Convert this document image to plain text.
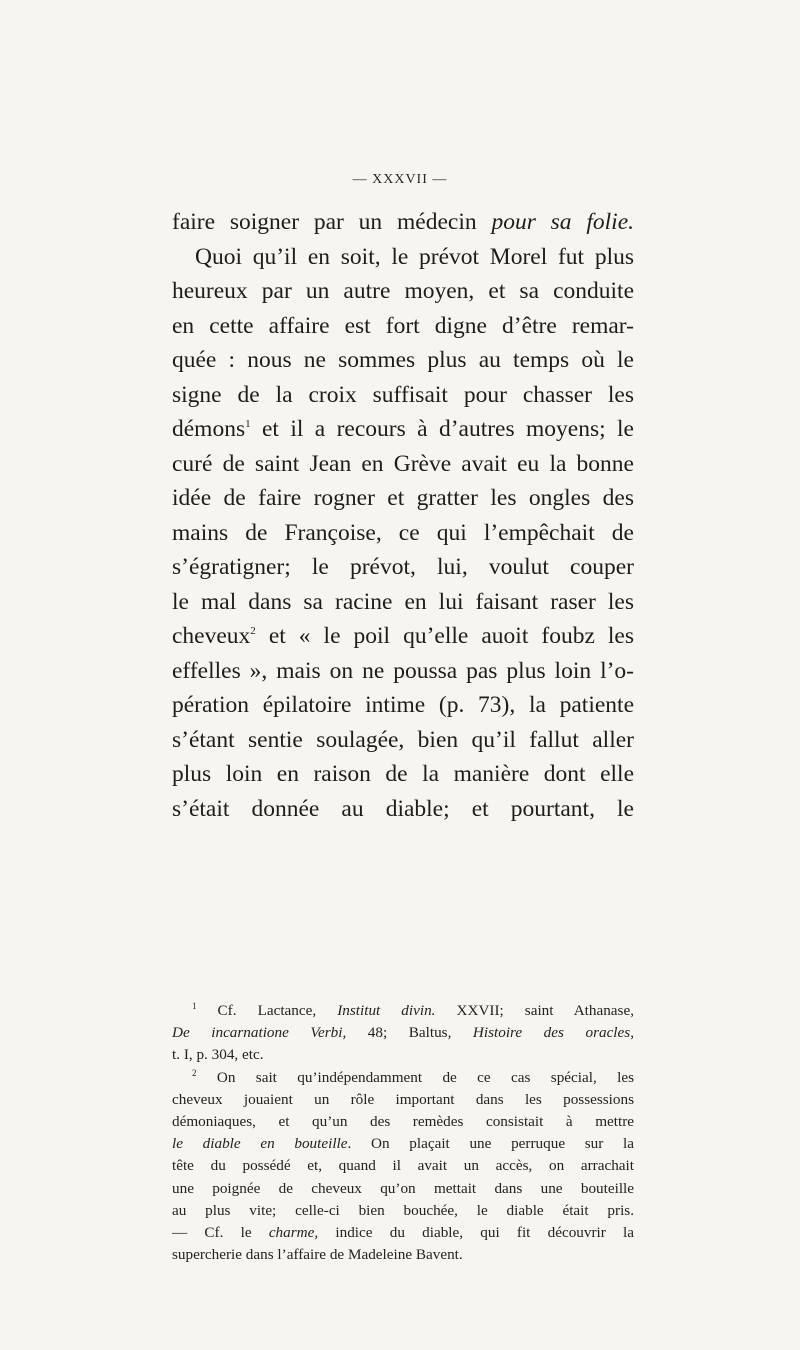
— XXXVII —
faire soigner par un médecin pour sa folie.
Quoi qu’il en soit, le prévot Morel fut plus
heureux par un autre moyen, et sa conduite
en cette affaire est fort digne d’être remar-
quée : nous ne sommes plus au temps où le
signe de la croix suffisait pour chasser les
démons$^1$ et il a recours à d’autres moyens; le
curé de saint Jean en Grève avait eu la bonne
idée de faire rogner et gratter les ongles des
mains de Françoise, ce qui l’empêchait de
s’égratigner; le prévot, lui, voulut couper
le mal dans sa racine en lui faisant raser les
cheveux$^2$ et « le poil qu’elle auoit foubz les
effelles », mais on ne poussa pas plus loin l’o-
pération épilatoire intime (p. 73), la patiente
s’étant sentie soulagée, bien qu’il fallut aller
plus loin en raison de la manière dont elle
s’était donnée au diable; et pourtant, le
$^1$ Cf. Lactance, Institut divin. XXVII; saint Athanase,
De incarnatione Verbi, 48; Baltus, Histoire des oracles,
t. I, p. 304, etc.
$^2$ On sait qu’indépendamment de ce cas spécial, les
cheveux jouaient un rôle important dans les possessions
démoniaques, et qu’un des remèdes consistait à mettre
le diable en bouteille. On plaçait une perruque sur la
tête du possédé et, quand il avait un accès, on arrachait
une poignée de cheveux qu’on mettait dans une bouteille
au plus vite; celle-ci bien bouchée, le diable était pris.
— Cf. le charme, indice du diable, qui fit découvrir la
supercherie dans l’affaire de Madeleine Bavent.
